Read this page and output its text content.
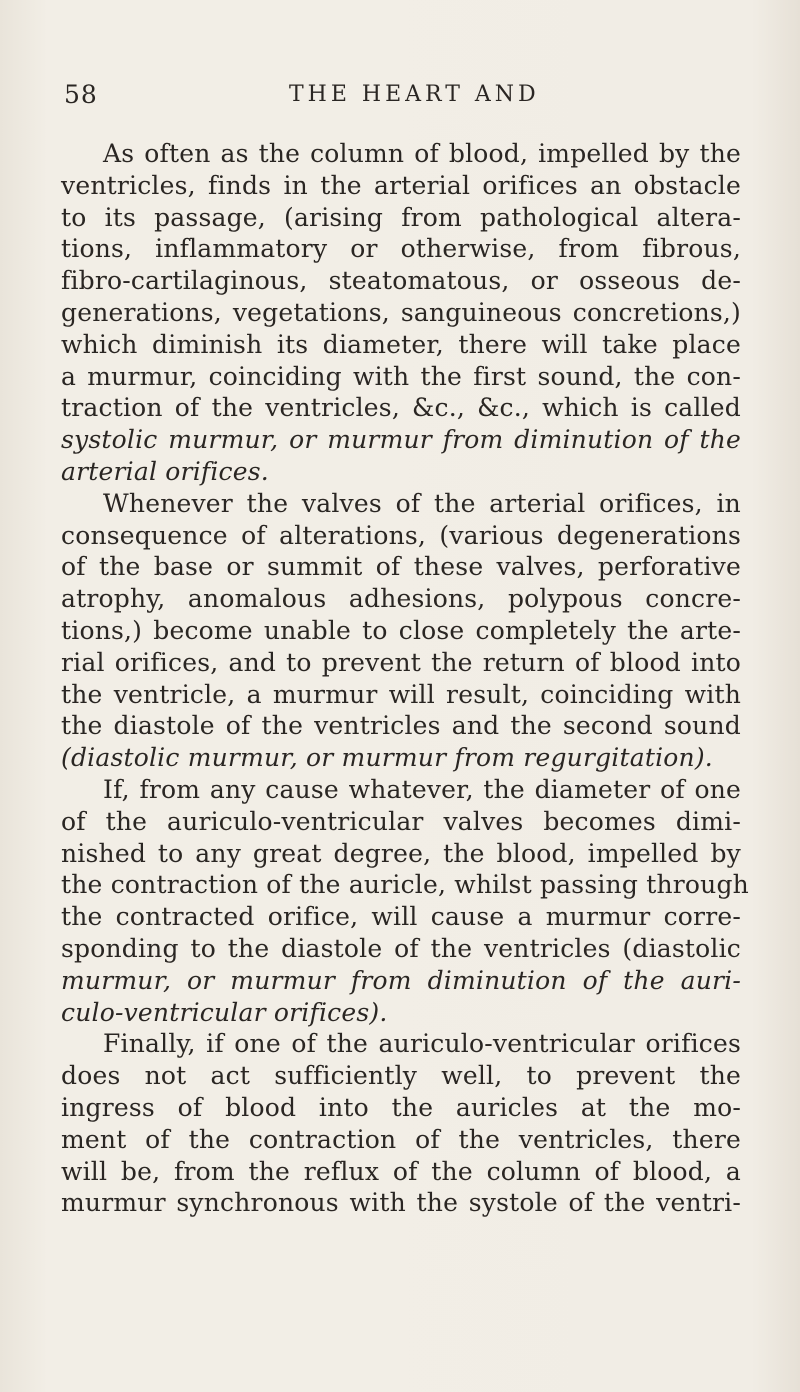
58	THE HEART AND
As often as the column of blood, impelled by the
ventricles, finds in the arterial orifices an obstacle
to its passage, (arising from pathological altera-
tions, inflammatory or otherwise, from fibrous,
fibro-cartilaginous, steatomatous, or osseous de-
generations, vegetations, sanguineous concretions,)
which diminish its diameter, there will take place
a murmur, coinciding with the first sound, the con-
traction of the ventricles, &c., &c., which is called
systolic murmur, or murmur from diminution of the
arterial orifices.
Whenever the valves of the arterial orifices, in
consequence of alterations, (various degenerations
of the base or summit of these valves, perforative
atrophy, anomalous adhesions, polypous concre-
tions,) become unable to close completely the arte-
rial orifices, and to prevent the return of blood into
the ventricle, a murmur will result, coinciding with
the diastole of the ventricles and the second sound
(diastolic murmur, or murmur from regurgitation).
If, from any cause whatever, the diameter of one
of the auriculo-ventricular valves becomes dimi-
nished to any great degree, the blood, impelled by
the contraction of the auricle, whilst passing through
the contracted orifice, will cause a murmur corre-
sponding to the diastole of the ventricles (diastolic
murmur, or murmur from diminution of the auri-
culo-ventricular orifices).
Finally, if one of the auriculo-ventricular orifices
does not act sufficiently well, to prevent the
ingress of blood into the auricles at the mo-
ment of the contraction of the ventricles, there
will be, from the reflux of the column of blood, a
murmur synchronous with the systole of the ventri-
